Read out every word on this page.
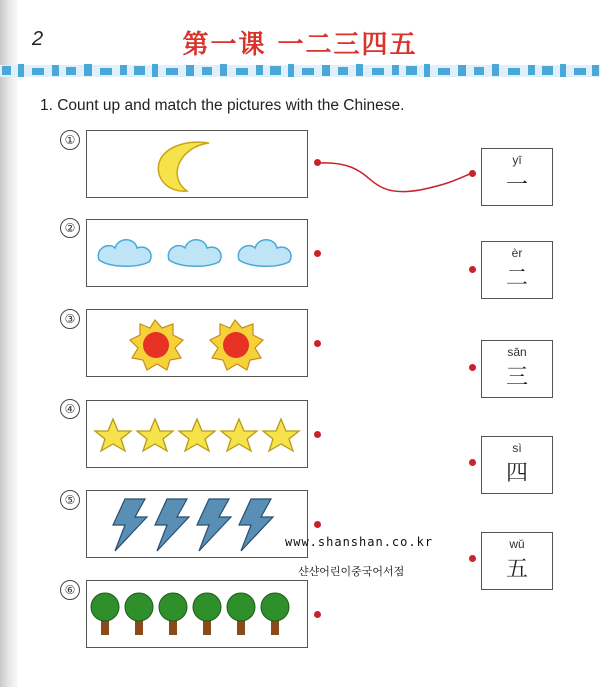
2	第一课 一二三四五
1. Count up and match the pictures with the Chinese.
①
②
③
④
⑤
⑥
yī
一
èr
二
sān
三
sì
四
wǔ
五
www.shanshan.co.kr
샨샨어린이중국어서점
